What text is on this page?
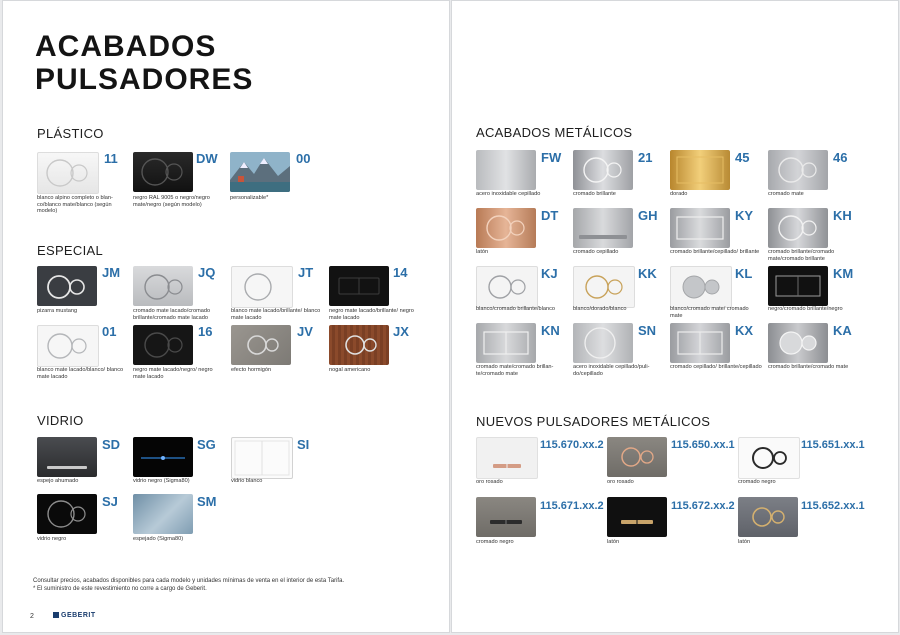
ACABADOS
PULSADORES
PLÁSTICO
11
blanco alpino completo o blan-co/blanco mate/blanco (según modelo)
DW
negro RAL 9005 o negro/negro mate/negro (según modelo)
00
personalizable*
ESPECIAL
JM
pizarra mustang
JQ
cromado mate lacado/cromado brillante/cromado mate lacado
JT
blanco mate lacado/brillante/ blanco mate lacado
14
negro mate lacado/brillante/ negro mate lacado
01
blanco mate lacado/blanco/ blanco mate lacado
16
negro mate lacado/negro/ negro mate lacado
JV
efecto hormigón
JX
nogal americano
VIDRIO
SD
espejo ahumado
SG
vidrio negro (Sigma80)
SI
vidrio blanco
SJ
vidrio negro
SM
espejado (Sigma80)
Consultar precios, acabados disponibles para cada modelo y unidades mínimas de venta en el interior de esta Tarifa.
* El suministro de este revestimiento no corre a cargo de Geberit.
2	GEBERIT
ACABADOS METÁLICOS
FW
acero inoxidable cepillado
21
cromado brillante
45
dorado
46
cromado mate
DT
latón
GH
cromado cepillado
KY
cromado brillante/cepillado/ brillante
KH
cromado brillante/cromado mate/cromado brillante
KJ
blanco/cromado brillante/blanco
KK
blanco/dorado/blanco
KL
blanco/cromado mate/ cromado mate
KM
negro/cromado brillante/negro
KN
cromado mate/cromado brillan-te/cromado mate
SN
acero inoxidable cepillado/puli-do/cepillado
KX
cromado cepillado/ brillante/cepillado
KA
cromado brillante/cromado mate
NUEVOS PULSADORES METÁLICOS
115.670.xx.2
oro rosado
115.650.xx.1
oro rosado
115.651.xx.1
cromado negro
115.671.xx.2
cromado negro
115.672.xx.2
latón
115.652.xx.1
latón
